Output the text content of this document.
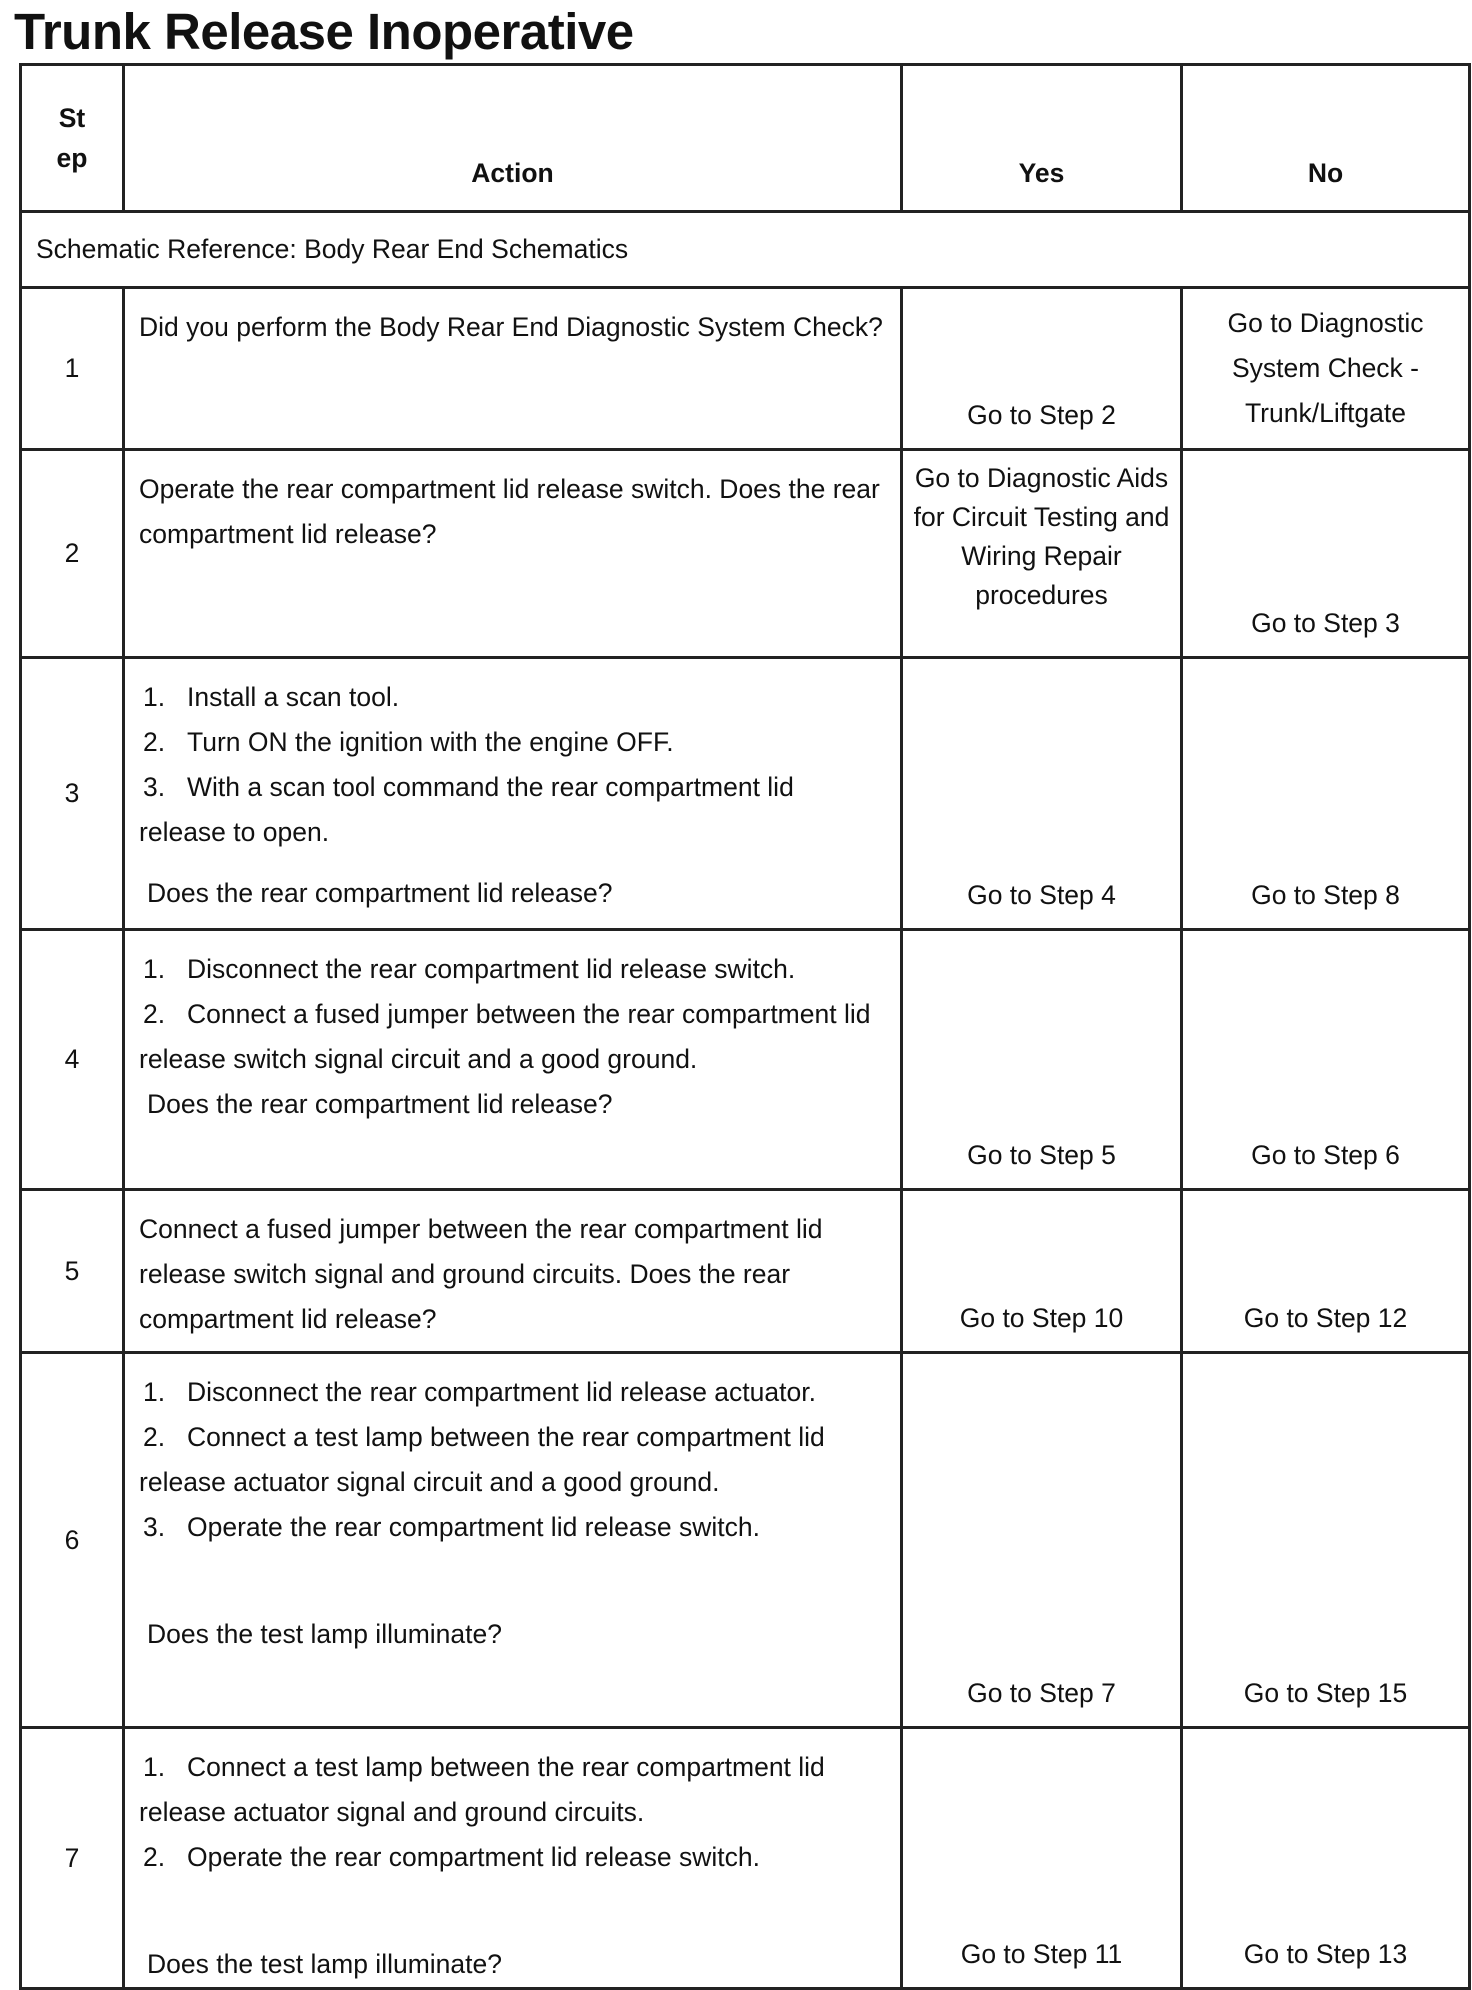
Trunk Release Inoperative
St
ep	Action	Yes	No
Schematic Reference: Body Rear End Schematics			
1	Did you perform the Body Rear End Diagnostic System Check?	Go to Step 2	Go to Diagnostic System Check - Trunk/Liftgate
2	Operate the rear compartment lid release switch. Does the rear compartment lid release?	Go to Diagnostic Aids for Circuit Testing and Wiring Repair procedures	Go to Step 3
3	1. Install a scan tool.
2. Turn ON the ignition with the engine OFF.
3. With a scan tool command the rear compartment lid release to open.
Does the rear compartment lid release?	Go to Step 4	Go to Step 8
4	1. Disconnect the rear compartment lid release switch.
2. Connect a fused jumper between the rear compartment lid release switch signal circuit and a good ground.
Does the rear compartment lid release?	Go to Step 5	Go to Step 6
5	Connect a fused jumper between the rear compartment lid release switch signal and ground circuits. Does the rear compartment lid release?	Go to Step 10	Go to Step 12
6	1. Disconnect the rear compartment lid release actuator.
2. Connect a test lamp between the rear compartment lid release actuator signal circuit and a good ground.
3. Operate the rear compartment lid release switch.
Does the test lamp illuminate?	Go to Step 7	Go to Step 15
7	1. Connect a test lamp between the rear compartment lid release actuator signal and ground circuits.
2. Operate the rear compartment lid release switch.
Does the test lamp illuminate?	Go to Step 11	Go to Step 13
